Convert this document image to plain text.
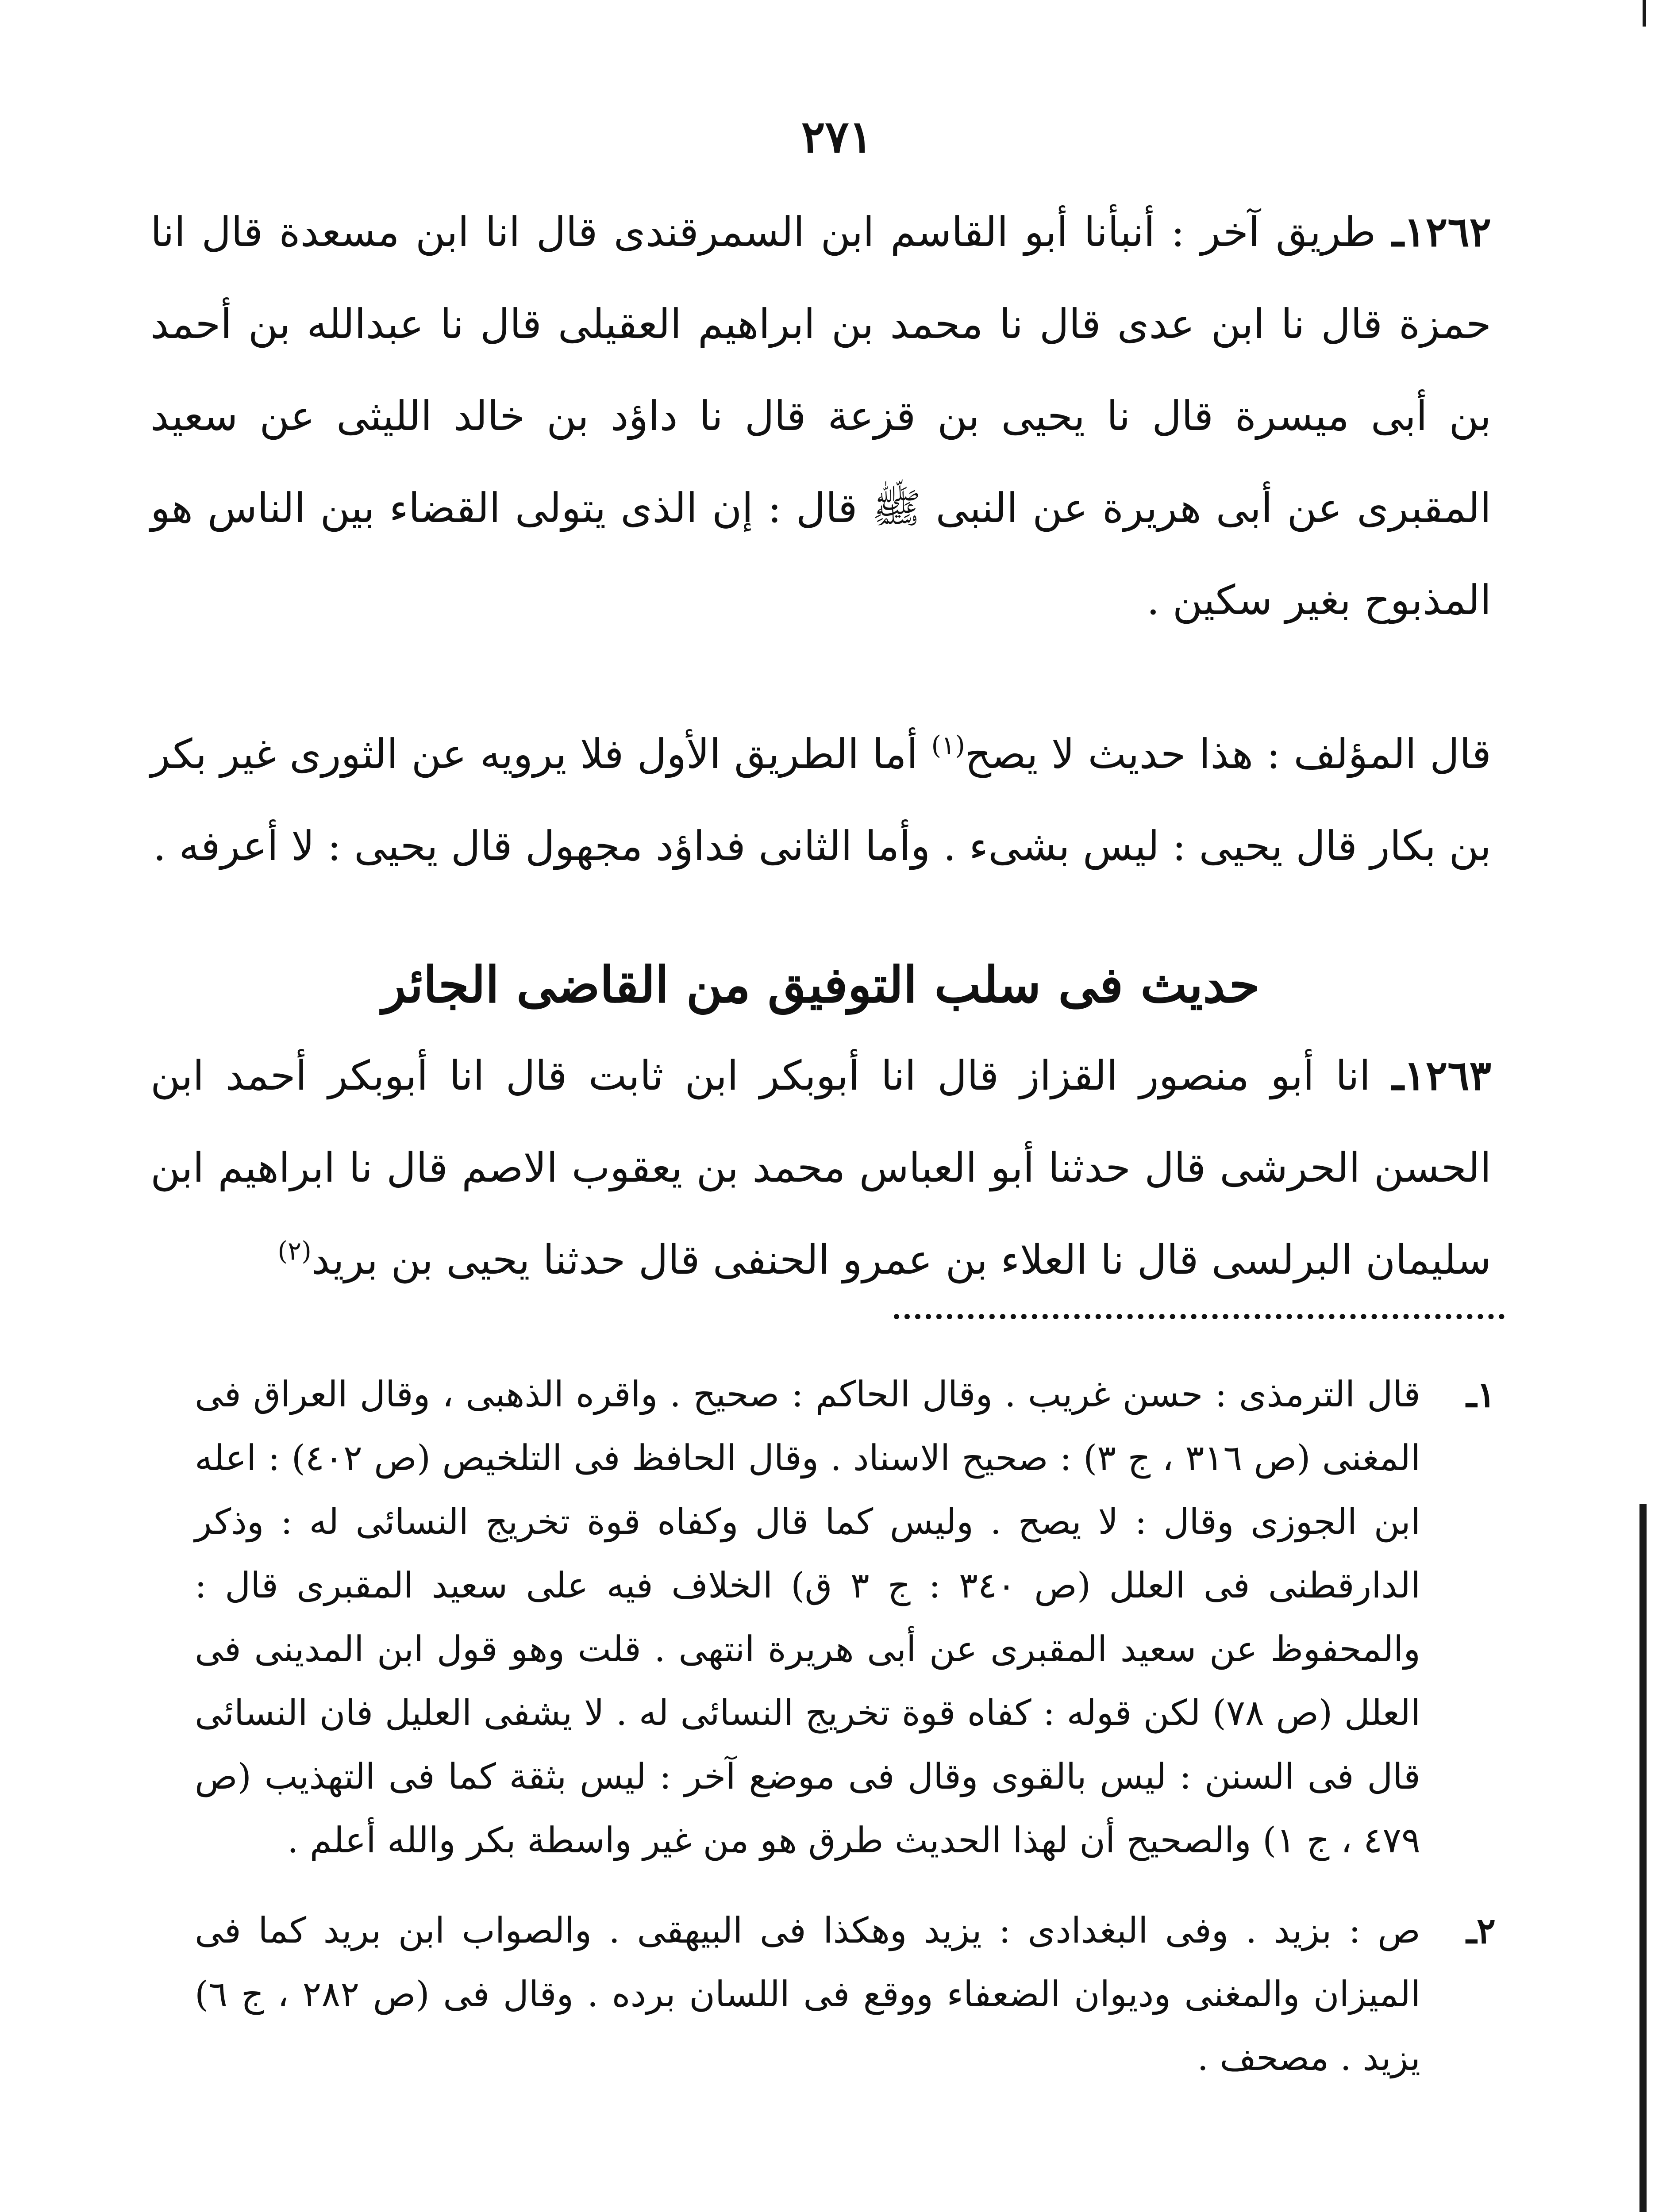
٢٧١

١٢٦٢ـ طريق آخر : أنبأنا أبو القاسم ابن السمرقندى قال انا ابن مسعدة قال انا حمزة قال نا ابن عدى قال نا محمد بن ابراهيم العقيلى قال نا عبدالله بن أحمد بن أبى ميسرة قال نا يحيى بن قزعة قال نا داؤد بن خالد الليثى عن سعيد المقبرى عن أبى هريرة عن النبى ﷺ قال : إن الذى يتولى القضاء بين الناس هو المذبوح بغير سكين .

قال المؤلف : هذا حديث لا يصح$^{(١)}$ أما الطريق الأول فلا يرويه عن الثورى غير بكر بن بكار قال يحيى : ليس بشىء . وأما الثانى فداؤد مجهول قال يحيى : لا أعرفه .

حديث فى سلب التوفيق من القاضى الجائر

١٢٦٣ـ انا أبو منصور القزاز قال انا أبوبكر ابن ثابت قال انا أبوبكر أحمد ابن الحسن الحرشى قال حدثنا أبو العباس محمد بن يعقوب الاصم قال نا ابراهيم ابن سليمان البرلسى قال نا العلاء بن عمرو الحنفى قال حدثنا يحيى بن بريد$^{(٢)}$

١ـ
قال الترمذى : حسن غريب . وقال الحاكم : صحيح . واقره الذهبى ، وقال العراق فى المغنى (ص ٣١٦ ، ج ٣) : صحيح الاسناد . وقال الحافظ فى التلخيص (ص ٤٠٢) : اعله ابن الجوزى وقال : لا يصح . وليس كما قال وكفاه قوة تخريج النسائى له : وذكر الدارقطنى فى العلل (ص ٣٤٠ : ج ٣ ق) الخلاف فيه على سعيد المقبرى قال : والمحفوظ عن سعيد المقبرى عن أبى هريرة انتهى . قلت وهو قول ابن المدينى فى العلل (ص ٧٨) لكن قوله : كفاه قوة تخريج النسائى له . لا يشفى العليل فان النسائى قال فى السنن : ليس بالقوى وقال فى موضع آخر : ليس بثقة كما فى التهذيب (ص ٤٧٩ ، ج ١) والصحيح أن لهذا الحديث طرق هو من غير واسطة بكر والله أعلم .

٢ـ
ص : بزيد . وفى البغدادى : يزيد وهكذا فى البيهقى . والصواب ابن بريد كما فى الميزان والمغنى وديوان الضعفاء ووقع فى اللسان برده . وقال فى (ص ٢٨٢ ، ج ٦) يزيد . مصحف .
